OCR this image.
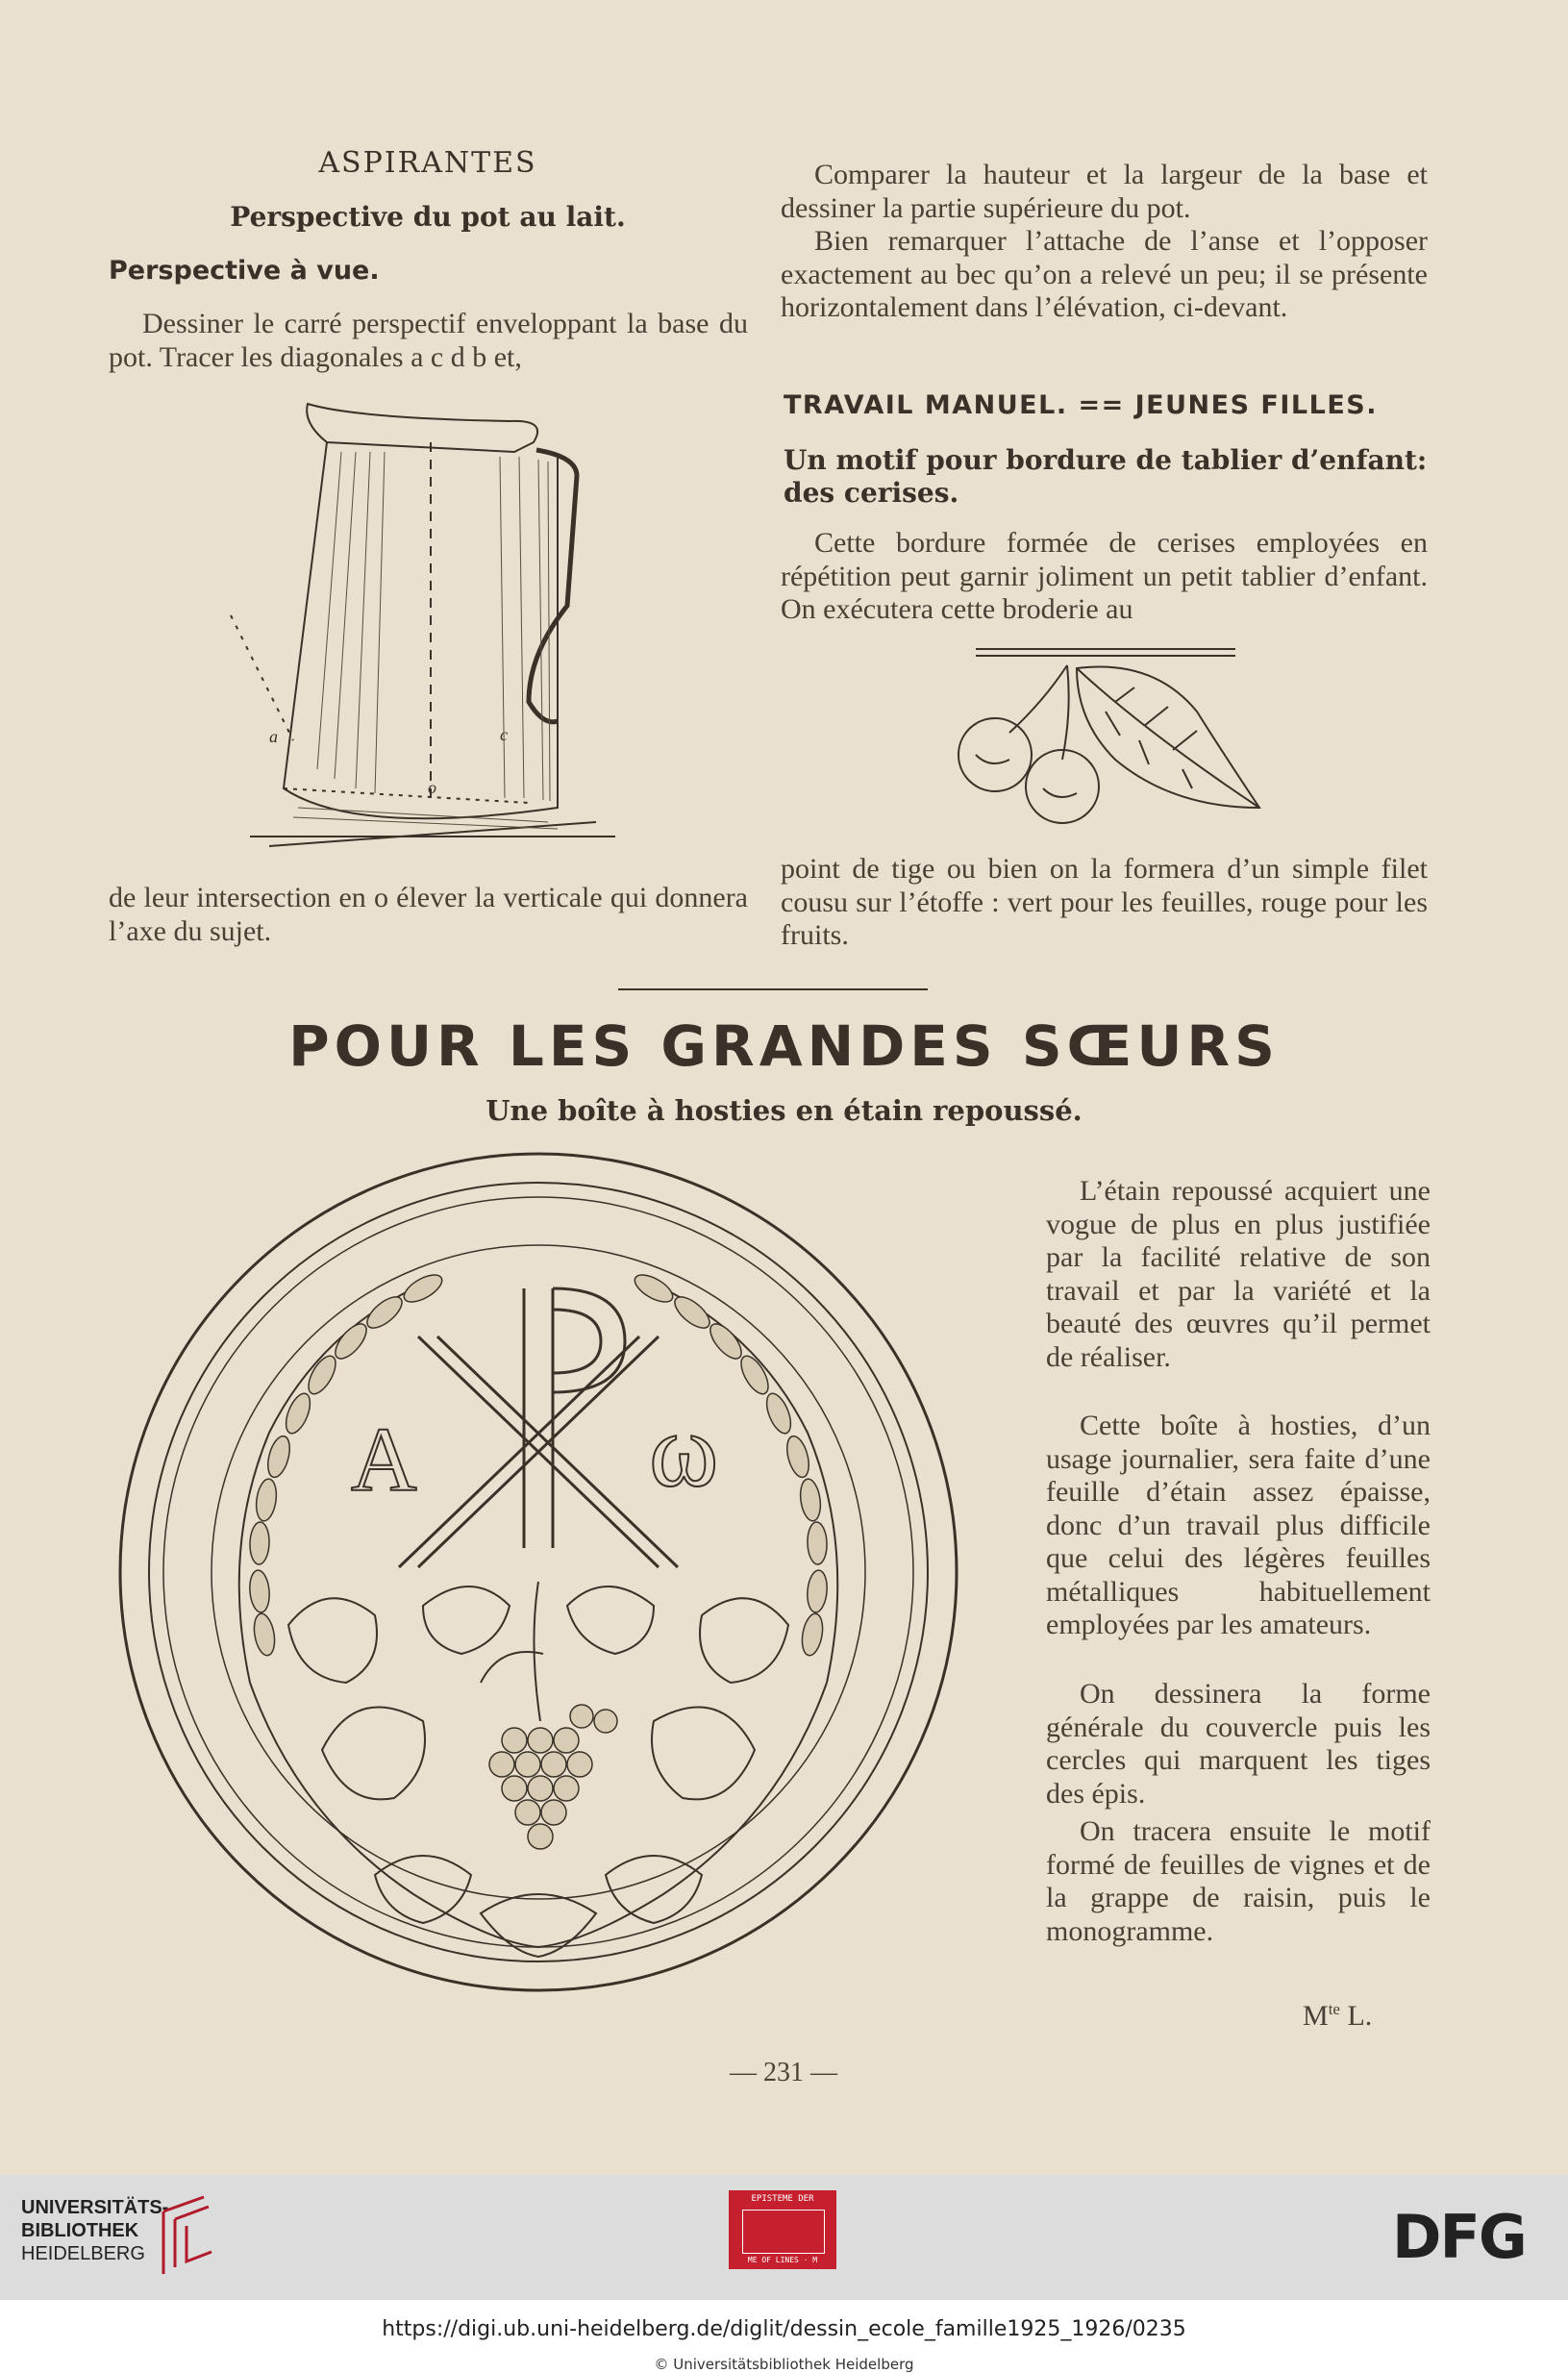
ASPIRANTES
Perspective du pot au lait.
Perspective à vue.

Dessiner le carré perspectif enveloppant la base du pot. Tracer les diagonales a c d b et,

a
o
c

de leur intersection en o élever la verticale qui donnera l’axe du sujet.

Comparer la hauteur et la largeur de la base et dessiner la partie supérieure du pot.

Bien remarquer l’attache de l’anse et l’opposer exactement au bec qu’on a relevé un peu; il se présente horizontalement dans l’élévation, ci-devant.

TRAVAIL MANUEL. == JEUNES FILLES.
Un motif pour bordure de tablier d’enfant: des cerises.

Cette bordure formée de cerises employées en répétition peut garnir joliment un petit tablier d’enfant. On exécutera cette broderie au

point de tige ou bien on la formera d’un simple filet cousu sur l’étoffe : vert pour les feuilles, rouge pour les fruits.

POUR LES GRANDES SŒURS
Une boîte à hosties en étain repoussé.
A ω

L’étain repoussé acquiert une vogue de plus en plus justifiée par la facilité relative de son travail et par la variété et la beauté des œuvres qu’il permet de réaliser.

Cette boîte à hosties, d’un usage journalier, sera faite d’une feuille d’étain assez épaisse, donc d’un travail plus difficile que celui des légères feuilles métalliques habituellement employées par les amateurs.

On dessinera la forme générale du couvercle puis les cercles qui marquent les tiges des épis.

On tracera ensuite le motif formé de feuilles de vignes et de la grappe de raisin, puis le monogramme.

$M^{te}$ L.
— 231 —
UNIVERSITÄTS-
BIBLIOTHEK
HEIDELBERG
EPISTEME DER
ME OF LINES · M	DFG
https://digi.ub.uni-heidelberg.de/diglit/dessin_ecole_famille1925_1926/0235
© Universitätsbibliothek Heidelberg
